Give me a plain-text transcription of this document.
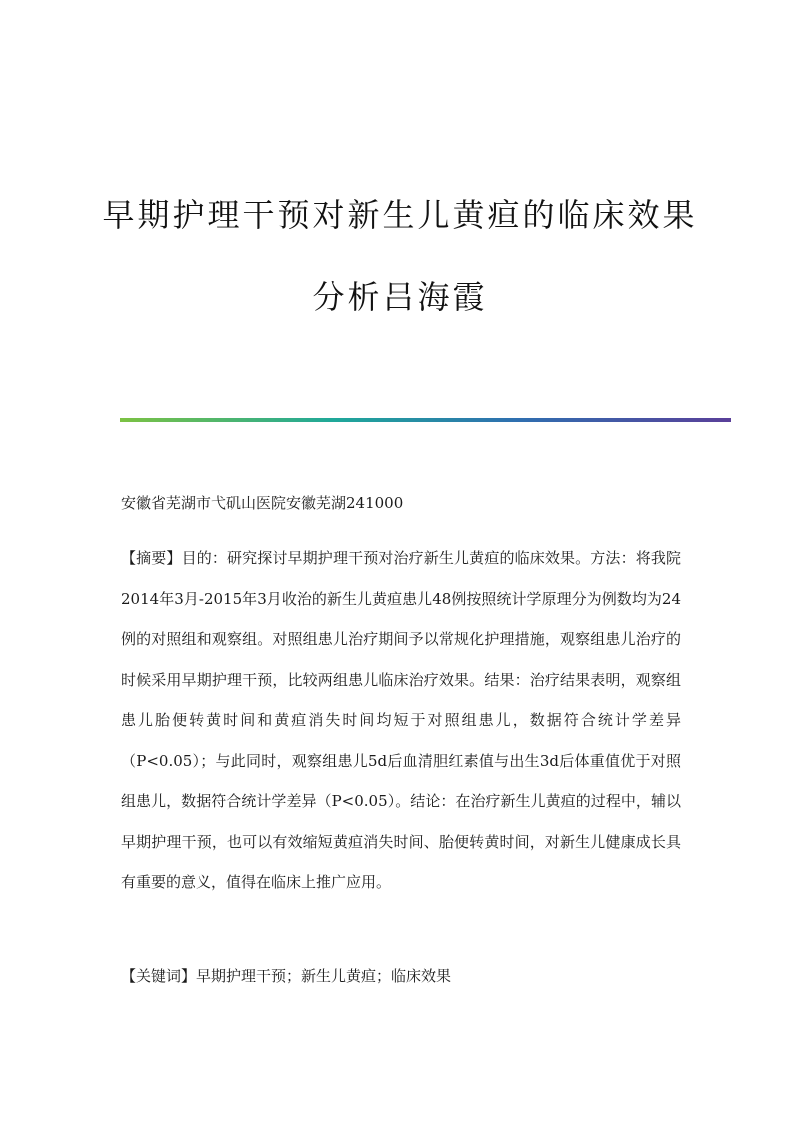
早期护理干预对新生儿黄疸的临床效果
分析吕海霞
安徽省芜湖市弋矶山医院安徽芜湖241000
【摘要】目的：研究探讨早期护理干预对治疗新生儿黄疸的临床效果。方法：将我院2014年3月-2015年3月收治的新生儿黄疸患儿48例按照统计学原理分为例数均为24例的对照组和观察组。对照组患儿治疗期间予以常规化护理措施，观察组患儿治疗的时候采用早期护理干预，比较两组患儿临床治疗效果。结果：治疗结果表明，观察组患儿胎便转黄时间和黄疸消失时间均短于对照组患儿，数据符合统计学差异（P<0.05）；与此同时，观察组患儿5d后血清胆红素值与出生3d后体重值优于对照组患儿，数据符合统计学差异（P<0.05）。结论：在治疗新生儿黄疸的过程中，辅以早期护理干预，也可以有效缩短黄疸消失时间、胎便转黄时间，对新生儿健康成长具有重要的意义，值得在临床上推广应用。
【关键词】早期护理干预；新生儿黄疸；临床效果
